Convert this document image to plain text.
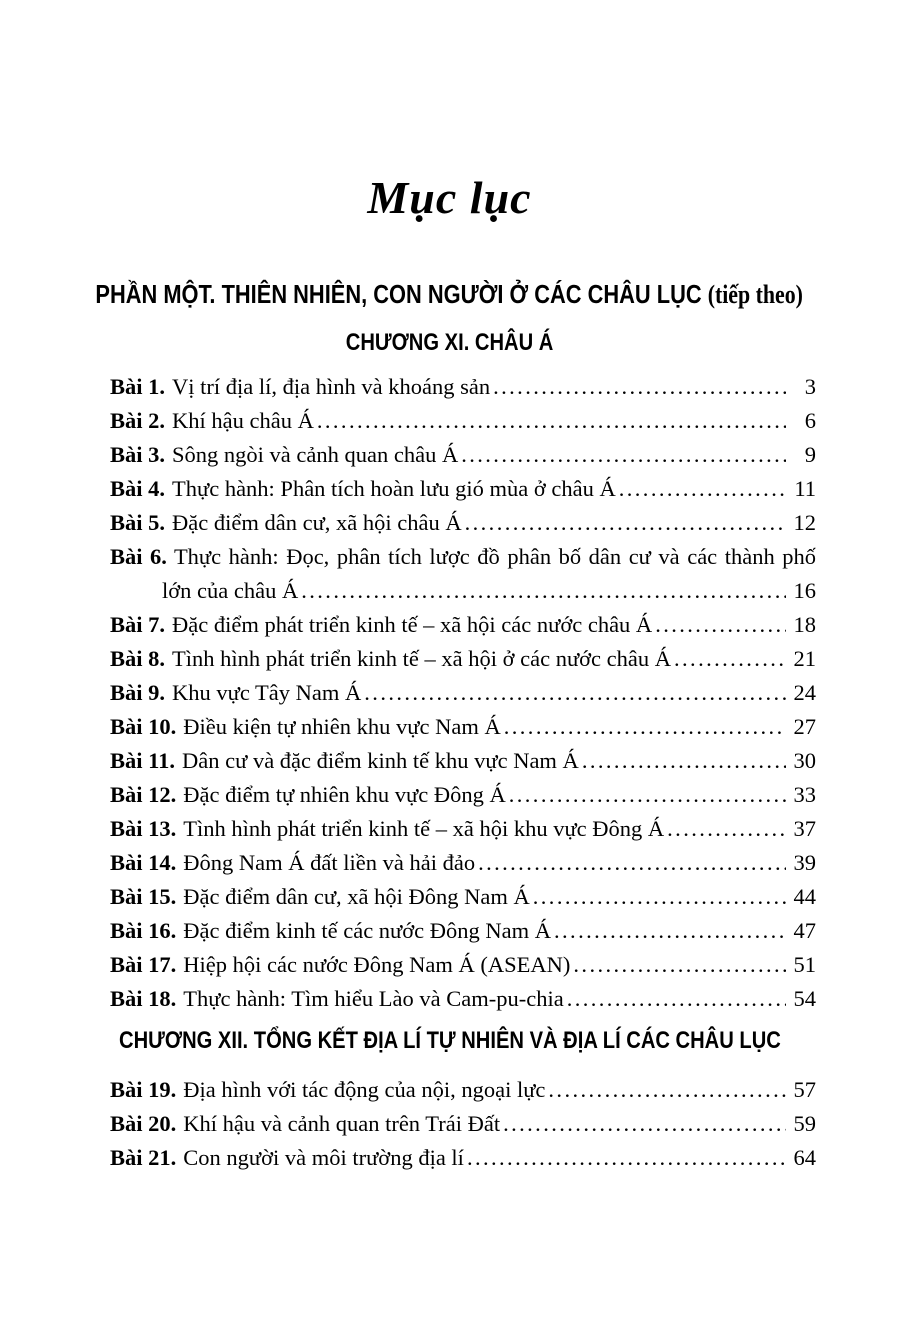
Mục lục
PHẦN MỘT. THIÊN NHIÊN, CON NGƯỜI Ở CÁC CHÂU LỤC (tiếp theo)
CHƯƠNG XI. CHÂU Á
Bài 1. Vị trí địa lí, địa hình và khoáng sản .....	3
Bài 2. Khí hậu châu Á .....	6
Bài 3. Sông ngòi và cảnh quan châu Á .....	9
Bài 4. Thực hành: Phân tích hoàn lưu gió mùa ở châu Á .....	11
Bài 5. Đặc điểm dân cư, xã hội châu Á .....	12
Bài 6. Thực hành: Đọc, phân tích lược đồ phân bố dân cư và các thành phố
lớn của châu Á .....	16
Bài 7. Đặc điểm phát triển kinh tế – xã hội các nước châu Á .....	18
Bài 8. Tình hình phát triển kinh tế – xã hội ở các nước châu Á .....	21
Bài 9. Khu vực Tây Nam Á .....	24
Bài 10. Điều kiện tự nhiên khu vực Nam Á .....	27
Bài 11. Dân cư và đặc điểm kinh tế khu vực Nam Á .....	30
Bài 12. Đặc điểm tự nhiên khu vực Đông Á .....	33
Bài 13. Tình hình phát triển kinh tế – xã hội khu vực Đông Á .....	37
Bài 14. Đông Nam Á đất liền và hải đảo .....	39
Bài 15. Đặc điểm dân cư, xã hội Đông Nam Á .....	44
Bài 16. Đặc điểm kinh tế các nước Đông Nam Á .....	47
Bài 17. Hiệp hội các nước Đông Nam Á (ASEAN) .....	51
Bài 18. Thực hành: Tìm hiểu Lào và Cam-pu-chia .....	54
CHƯƠNG XII. TỔNG KẾT ĐỊA LÍ TỰ NHIÊN VÀ ĐỊA LÍ CÁC CHÂU LỤC
Bài 19. Địa hình với tác động của nội, ngoại lực .....	57
Bài 20. Khí hậu và cảnh quan trên Trái Đất .....	59
Bài 21. Con người và môi trường địa lí .....	64
